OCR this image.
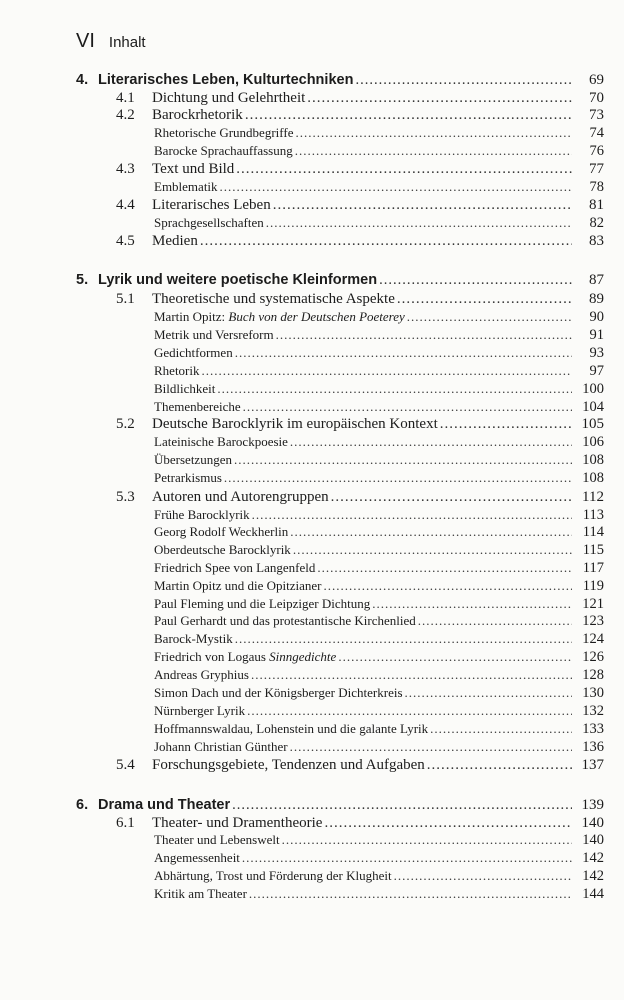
VI Inhalt
4. Literarisches Leben, Kulturtechniken .....	69
4.1 Dichtung und Gelehrtheit .....	70
4.2 Barockrhetorik .....	73
Rhetorische Grundbegriffe .....	74
Barocke Sprachauffassung .....	76
4.3 Text und Bild .....	77
Emblematik .....	78
4.4 Literarisches Leben .....	81
Sprachgesellschaften .....	82
4.5 Medien .....	83
5. Lyrik und weitere poetische Kleinformen .....	87
5.1 Theoretische und systematische Aspekte .....	89
Martin Opitz: Buch von der Deutschen Poeterey .....	90
Metrik und Versreform .....	91
Gedichtformen .....	93
Rhetorik .....	97
Bildlichkeit .....	100
Themenbereiche .....	104
5.2 Deutsche Barocklyrik im europäischen Kontext .....	105
Lateinische Barockpoesie .....	106
Übersetzungen .....	108
Petrarkismus .....	108
5.3 Autoren und Autorengruppen .....	112
Frühe Barocklyrik .....	113
Georg Rodolf Weckherlin .....	114
Oberdeutsche Barocklyrik .....	115
Friedrich Spee von Langenfeld .....	117
Martin Opitz und die Opitzianer .....	119
Paul Fleming und die Leipziger Dichtung .....	121
Paul Gerhardt und das protestantische Kirchenlied .....	123
Barock-Mystik .....	124
Friedrich von Logaus Sinngedichte .....	126
Andreas Gryphius .....	128
Simon Dach und der Königsberger Dichterkreis .....	130
Nürnberger Lyrik .....	132
Hoffmannswaldau, Lohenstein und die galante Lyrik .....	133
Johann Christian Günther .....	136
5.4 Forschungsgebiete, Tendenzen und Aufgaben .....	137
6. Drama und Theater .....	139
6.1 Theater- und Dramentheorie .....	140
Theater und Lebenswelt .....	140
Angemessenheit .....	142
Abhärtung, Trost und Förderung der Klugheit .....	142
Kritik am Theater .....	144
